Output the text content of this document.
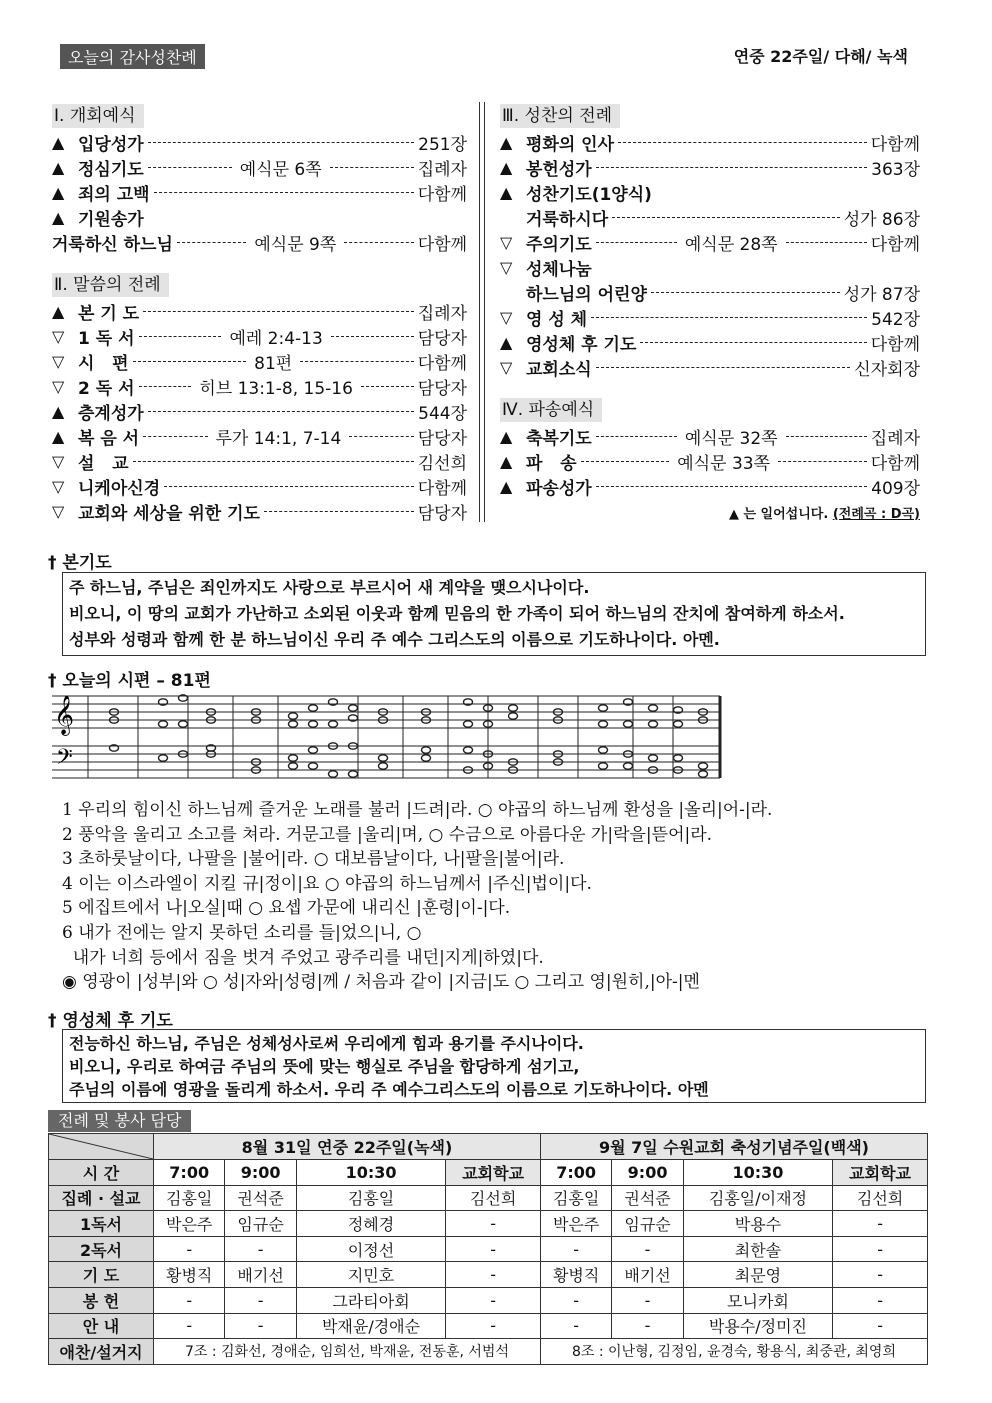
오늘의 감사성찬례	연중 22주일/ 다해/ 녹색
Ⅰ. 개회예식
▲ 입당성가	251장
▲ 정심기도	예식문 6쪽	집례자
▲ 죄의 고백	다함께
▲ 기원송가
거룩하신 하느님	예식문 9쪽	다함께
Ⅱ. 말씀의 전례
▲ 본 기 도	집례자
▽ 1 독 서	예레 2:4-13	담당자
▽ 시   편	81편	다함께
▽ 2 독 서	히브 13:1-8, 15-16	담당자
▲ 층계성가	544장
▲ 복 음 서	루가 14:1, 7-14	담당자
▽ 설   교	김선희
▽ 니케아신경	다함께
▽ 교회와 세상을 위한 기도	담당자
Ⅲ. 성찬의 전례
▲ 평화의 인사	다함께
▲ 봉헌성가	363장
▲ 성찬기도(1양식)
거룩하시다	성가 86장
▽ 주의기도	예식문 28쪽	다함께
▽ 성체나눔
하느님의 어린양	성가 87장
▽ 영 성 체	542장
▲ 영성체 후 기도	다함께
▽ 교회소식	신자회장
Ⅳ. 파송예식
▲ 축복기도	예식문 32쪽	집례자
▲ 파   송	예식문 33쪽	다함께
▲ 파송성가	409장
▲ 는 일어섭니다. (전례곡 : D곡)
† 본기도
주 하느님, 주님은 죄인까지도 사랑으로 부르시어 새 계약을 맺으시나이다.
비오니, 이 땅의 교회가 가난하고 소외된 이웃과 함께 믿음의 한 가족이 되어 하느님의 잔치에 참여하게 하소서.
성부와 성령과 함께 한 분 하느님이신 우리 주 예수 그리스도의 이름으로 기도하나이다. 아멘.
† 오늘의 시편 – 81편
𝄞
𝄢
1 우리의 힘이신 하느님께 즐거운 노래를 불러 |드려|라. ○ 야곱의 하느님께 환성을 |올리|어-|라.
2 풍악을 울리고 소고를 쳐라. 거문고를 |울리|며, ○ 수금으로 아름다운 가|락을|뜯어|라.
3 초하룻날이다, 나팔을 |불어|라. ○ 대보름날이다, 나|팔을|불어|라.
4 이는 이스라엘이 지킬 규|정이|요 ○ 야곱의 하느님께서 |주신|법이|다.
5 에집트에서 나|오실|때 ○ 요셉 가문에 내리신 |훈령|이-|다.
6 내가 전에는 알지 못하던 소리를 들|었으|니, ○
내가 너희 등에서 짐을 벗겨 주었고 광주리를 내던|지게|하였|다.
◉ 영광이 |성부|와 ○ 성|자와|성령|께 / 처음과 같이 |지금|도 ○ 그리고 영|원히,|아-|멘
† 영성체 후 기도
전능하신 하느님, 주님은 성체성사로써 우리에게 힘과 용기를 주시나이다.
비오니, 우리로 하여금 주님의 뜻에 맞는 행실로 주님을 합당하게 섬기고,
주님의 이름에 영광을 돌리게 하소서. 우리 주 예수그리스도의 이름으로 기도하나이다. 아멘
전례 및 봉사 담당
	8월 31일 연중 22주일(녹색)				9월 7일 수원교회 축성기념주일(백색)			
시 간	7:00	9:00	10:30	교회학교	7:00	9:00	10:30	교회학교
집례 · 설교	김홍일	권석준	김홍일	김선희	김홍일	권석준	김홍일/이재정	김선희
1독서	박은주	임규순	정혜경	-	박은주	임규순	박용수	-
2독서	-	-	이정선	-	-	-	최한솔	-
기 도	황병직	배기선	지민호	-	황병직	배기선	최문영	-
봉 헌	-	-	그라티아회	-	-	-	모니카회	-
안 내	-	-	박재윤/경애순	-	-	-	박용수/정미진	-
애찬/설거지	7조 : 김화선, 경애순, 임희선, 박재윤, 전동훈, 서범석				8조 : 이난형, 김정임, 윤경숙, 황용식, 최중관, 최영희			
